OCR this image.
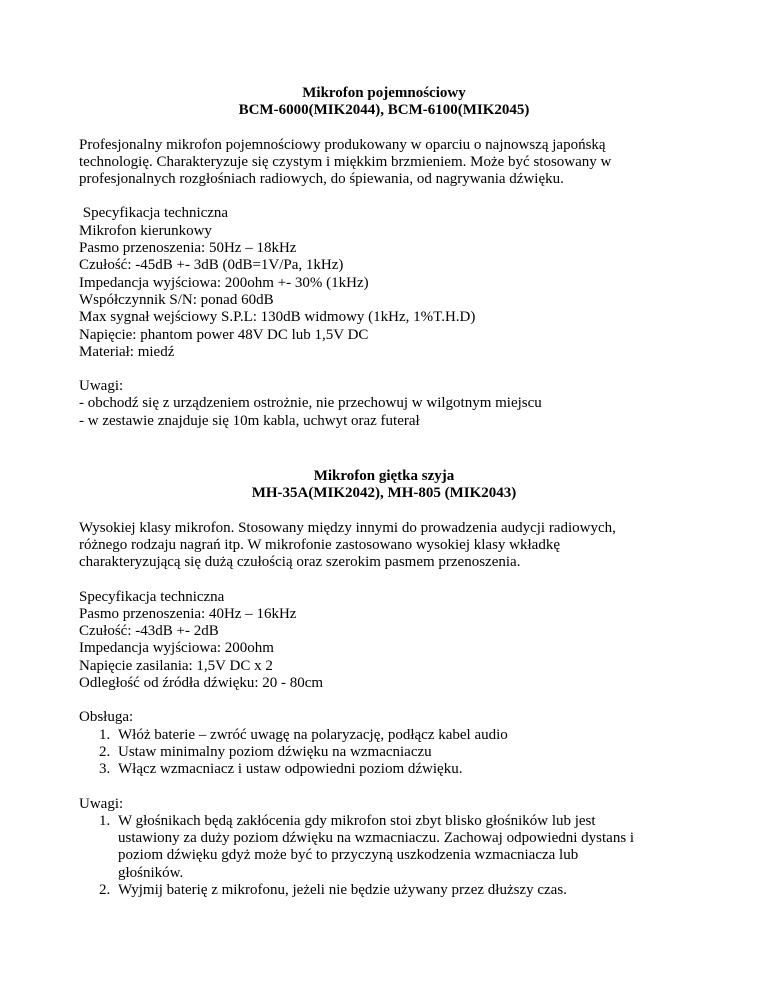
Mikrofon pojemnościowy
BCM-6000(MIK2044), BCM-6100(MIK2045)
Profesjonalny mikrofon pojemnościowy produkowany w oparciu o najnowszą japońską
technologię. Charakteryzuje się czystym i miękkim brzmieniem. Może być stosowany w
profesjonalnych rozgłośniach radiowych, do śpiewania, od nagrywania dźwięku.
Specyfikacja techniczna
Mikrofon kierunkowy
Pasmo przenoszenia: 50Hz – 18kHz
Czułość: -45dB +- 3dB (0dB=1V/Pa, 1kHz)
Impedancja wyjściowa: 200ohm +- 30% (1kHz)
Współczynnik S/N: ponad 60dB
Max sygnał wejściowy S.P.L: 130dB widmowy (1kHz, 1%T.H.D)
Napięcie: phantom power 48V DC lub 1,5V DC
Materiał: miedź
Uwagi:
- obchodź się z urządzeniem ostrożnie, nie przechowuj w wilgotnym miejscu
- w zestawie znajduje się 10m kabla, uchwyt oraz futerał
Mikrofon giętka szyja
MH-35A(MIK2042), MH-805 (MIK2043)
Wysokiej klasy mikrofon. Stosowany między innymi do prowadzenia audycji radiowych,
różnego rodzaju nagrań itp. W mikrofonie zastosowano wysokiej klasy wkładkę
charakteryzującą się dużą czułością oraz szerokim pasmem przenoszenia.
Specyfikacja techniczna
Pasmo przenoszenia: 40Hz – 16kHz
Czułość: -43dB +- 2dB
Impedancja wyjściowa: 200ohm
Napięcie zasilania: 1,5V DC x 2
Odległość od źródła dźwięku: 20 - 80cm
Obsługa:
1. Włóż baterie – zwróć uwagę na polaryzację, podłącz kabel audio
2. Ustaw minimalny poziom dźwięku na wzmacniaczu
3. Włącz wzmacniacz i ustaw odpowiedni poziom dźwięku.
Uwagi:
1. W głośnikach będą zakłócenia gdy mikrofon stoi zbyt blisko głośników lub jest
ustawiony za duży poziom dźwięku na wzmacniaczu. Zachowaj odpowiedni dystans i
poziom dźwięku gdyż może być to przyczyną uszkodzenia wzmacniacza lub
głośników.
2. Wyjmij baterię z mikrofonu, jeżeli nie będzie używany przez dłuższy czas.
